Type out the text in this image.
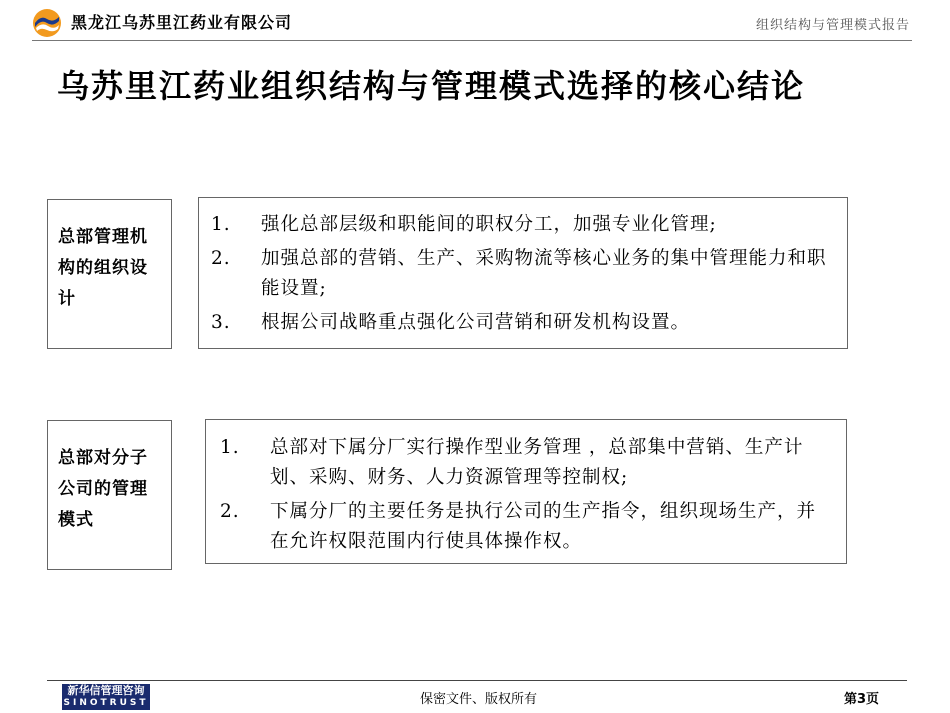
黑龙江乌苏里江药业有限公司	组织结构与管理模式报告
乌苏里江药业组织结构与管理模式选择的核心结论
总部管理机构的组织设计
1. 强化总部层级和职能间的职权分工，加强专业化管理;
2. 加强总部的营销、生产、采购物流等核心业务的集中管理能力和职能设置;
3. 根据公司战略重点强化公司营销和研发机构设置。
总部对分子公司的管理模式
1. 总部对下属分厂实行操作型业务管理 ，总部集中营销、生产计划、采购、财务、人力资源管理等控制权;
2. 下属分厂的主要任务是执行公司的生产指令，组织现场生产，并在允许权限范围内行使具体操作权。
新华信管理咨询
SINOTRUST	保密文件、版权所有	第3页
